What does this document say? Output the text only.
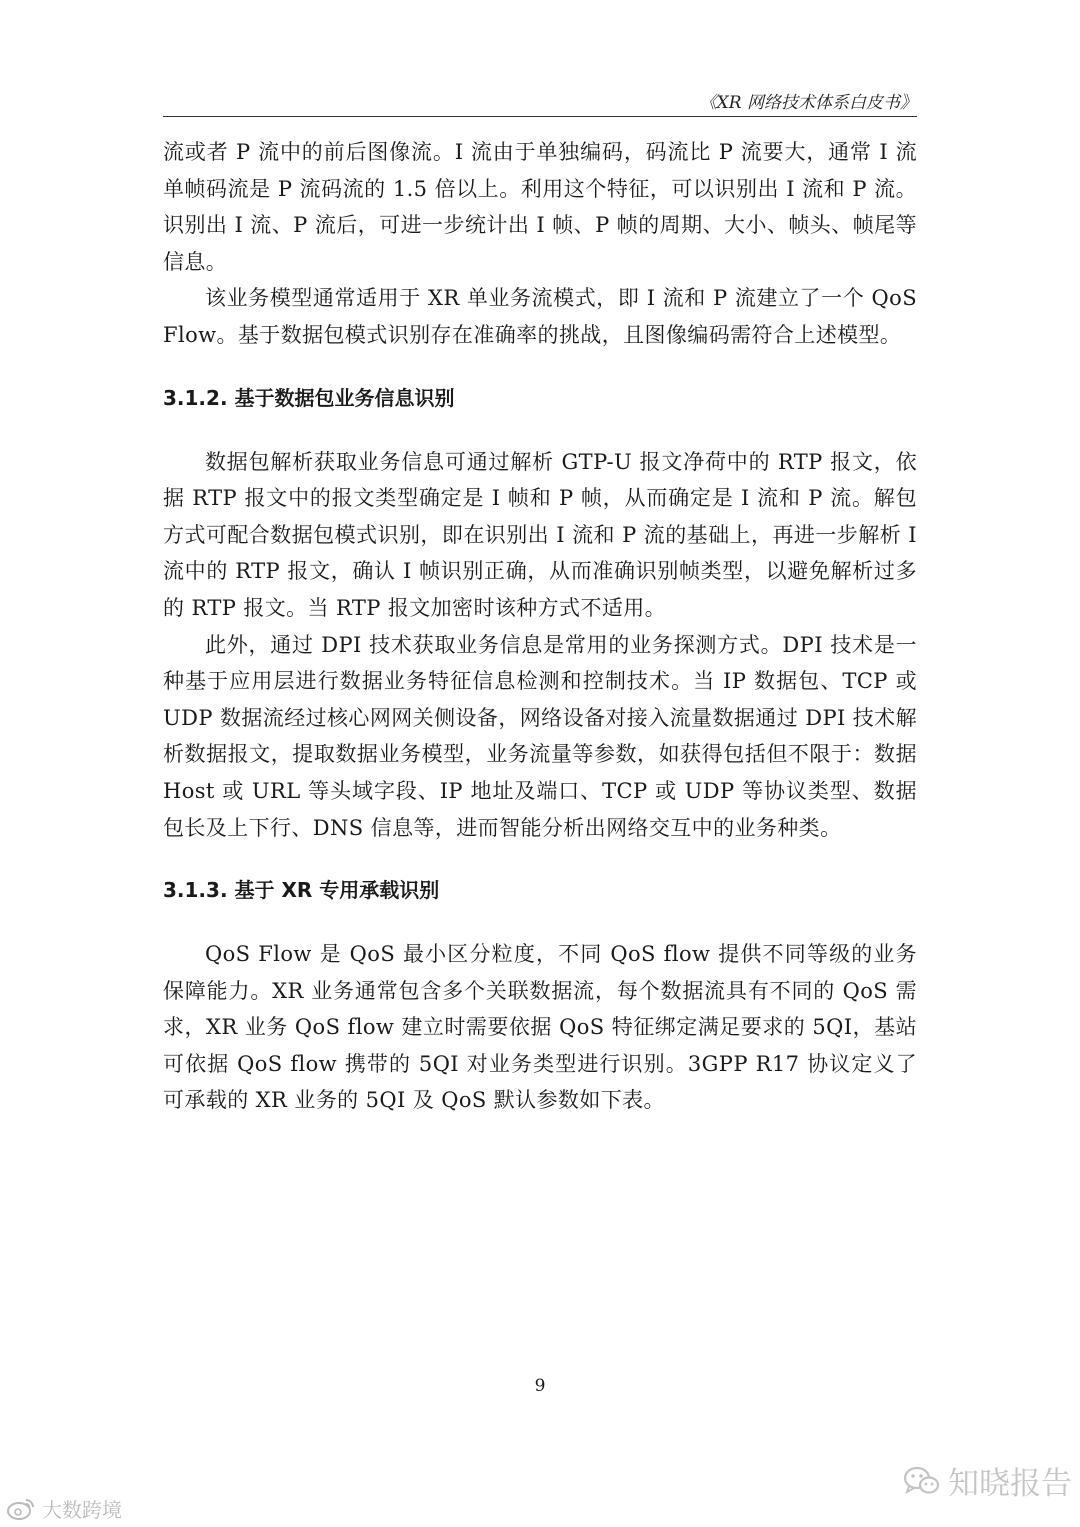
《XR 网络技术体系白皮书》

流或者 P 流中的前后图像流。I 流由于单独编码，码流比 P 流要大，通常 I 流单帧码流是 P 流码流的 1.5 倍以上。利用这个特征，可以识别出 I 流和 P 流。识别出 I 流、P 流后，可进一步统计出 I 帧、P 帧的周期、大小、帧头、帧尾等信息。

该业务模型通常适用于 XR 单业务流模式，即 I 流和 P 流建立了一个 QoS Flow。基于数据包模式识别存在准确率的挑战，且图像编码需符合上述模型。

3.1.2. 基于数据包业务信息识别

数据包解析获取业务信息可通过解析 GTP-U 报文净荷中的 RTP 报文，依据 RTP 报文中的报文类型确定是 I 帧和 P 帧，从而确定是 I 流和 P 流。解包方式可配合数据包模式识别，即在识别出 I 流和 P 流的基础上，再进一步解析 I 流中的 RTP 报文，确认 I 帧识别正确，从而准确识别帧类型，以避免解析过多的 RTP 报文。当 RTP 报文加密时该种方式不适用。

此外，通过 DPI 技术获取业务信息是常用的业务探测方式。DPI 技术是一种基于应用层进行数据业务特征信息检测和控制技术。当 IP 数据包、TCP 或 UDP 数据流经过核心网网关侧设备，网络设备对接入流量数据通过 DPI 技术解析数据报文，提取数据业务模型，业务流量等参数，如获得包括但不限于：数据 Host 或 URL 等头域字段、IP 地址及端口、TCP 或 UDP 等协议类型、数据包长及上下行、DNS 信息等，进而智能分析出网络交互中的业务种类。

3.1.3. 基于 XR 专用承载识别

QoS Flow 是 QoS 最小区分粒度，不同 QoS flow 提供不同等级的业务保障能力。XR 业务通常包含多个关联数据流，每个数据流具有不同的 QoS 需求，XR 业务 QoS flow 建立时需要依据 QoS 特征绑定满足要求的 5QI，基站可依据 QoS flow 携带的 5QI 对业务类型进行识别。3GPP R17 协议定义了可承载的 XR 业务的 5QI 及 QoS 默认参数如下表。

9
大数跨境
知晓报告
